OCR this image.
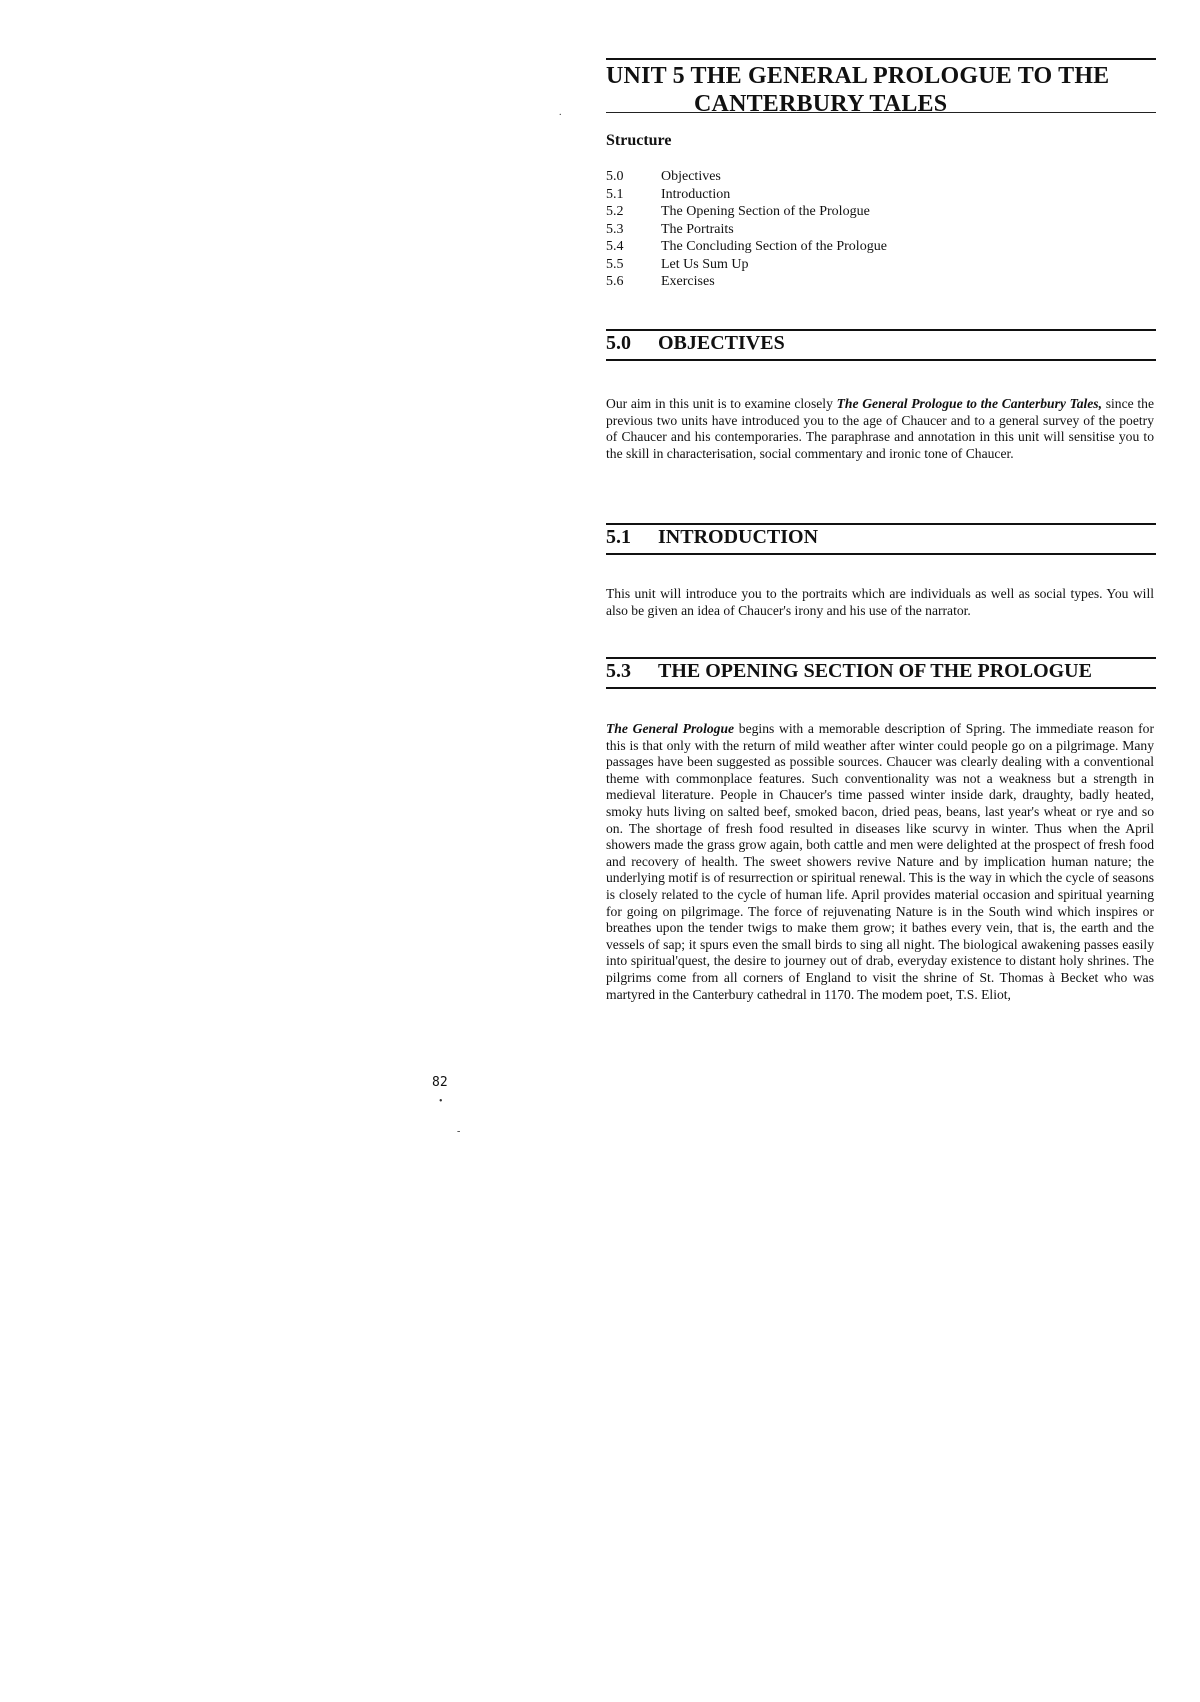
UNIT 5 THE GENERAL PROLOGUE TO THE
CANTERBURY TALES
.
Structure
5.0	Objectives
5.1	Introduction
5.2	The Opening Section of the Prologue
5.3	The Portraits
5.4	The Concluding Section of the Prologue
5.5	Let Us Sum Up
5.6	Exercises
5.0 OBJECTIVES

Our aim in this unit is to examine closely The General Prologue to the Canterbury Tales, since the previous two units have introduced you to the age of Chaucer and to a general survey of the poetry of Chaucer and his contemporaries. The paraphrase and annotation in this unit will sensitise you to the skill in characterisation, social commentary and ironic tone of Chaucer.

5.1 INTRODUCTION

This unit will introduce you to the portraits which are individuals as well as social types. You will also be given an idea of Chaucer's irony and his use of the narrator.

5.3 THE OPENING SECTION OF THE PROLOGUE

The General Prologue begins with a memorable description of Spring. The immediate reason for this is that only with the return of mild weather after winter could people go on a pilgrimage. Many passages have been suggested as possible sources. Chaucer was clearly dealing with a conventional theme with commonplace features. Such conventionality was not a weakness but a strength in medieval literature. People in Chaucer's time passed winter inside dark, draughty, badly heated, smoky huts living on salted beef, smoked bacon, dried peas, beans, last year's wheat or rye and so on. The shortage of fresh food resulted in diseases like scurvy in winter. Thus when the April showers made the grass grow again, both cattle and men were delighted at the prospect of fresh food and recovery of health. The sweet showers revive Nature and by implication human nature; the underlying motif is of resurrection or spiritual renewal. This is the way in which the cycle of seasons is closely related to the cycle of human life. April provides material occasion and spiritual yearning for going on pilgrimage. The force of rejuvenating Nature is in the South wind which inspires or breathes upon the tender twigs to make them grow; it bathes every vein, that is, the earth and the vessels of sap; it spurs even the small birds to sing all night. The biological awakening passes easily into spiritual'quest, the desire to journey out of drab, everyday existence to distant holy shrines. The pilgrims come from all corners of England to visit the shrine of St. Thomas à Becket who was martyred in the Canterbury cathedral in 1170. The modem poet, T.S. Eliot,

82
•
-
